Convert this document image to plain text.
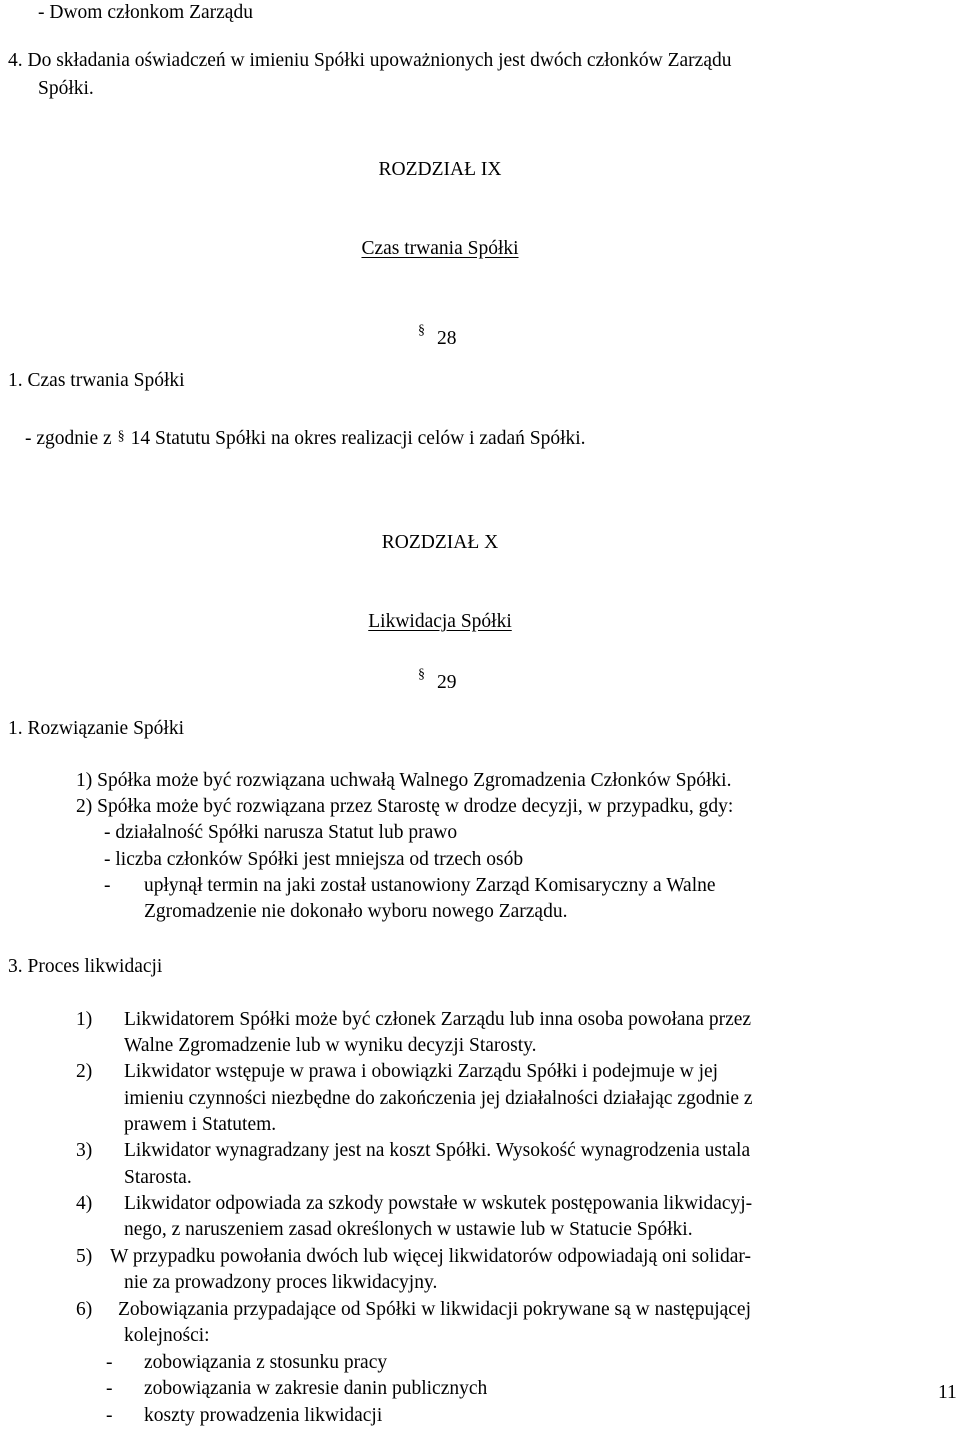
- Dwom członkom Zarządu
4. Do składania oświadczeń w imieniu Spółki upoważnionych jest dwóch członków Zarządu
Spółki.
ROZDZIAŁ IX
Czas trwania Spółki
§ 28
1. Czas trwania Spółki
- zgodnie z § 14 Statutu Spółki na okres realizacji celów i zadań Spółki.
ROZDZIAŁ X
Likwidacja Spółki
§ 29
1. Rozwiązanie Spółki
1) Spółka może być rozwiązana uchwałą Walnego Zgromadzenia Członków Spółki.
2) Spółka może być rozwiązana przez Starostę w drodze decyzji, w przypadku, gdy:
- działalność Spółki narusza Statut lub prawo
- liczba członków Spółki jest mniejsza od trzech osób
- upłynął termin na jaki został ustanowiony Zarząd Komisaryczny a Walne
Zgromadzenie nie dokonało wyboru nowego Zarządu.
3. Proces likwidacji
1) Likwidatorem Spółki może być członek Zarządu lub inna osoba powołana przez
Walne Zgromadzenie lub w wyniku decyzji Starosty.
2) Likwidator wstępuje w prawa i obowiązki Zarządu Spółki i podejmuje w jej
imieniu czynności niezbędne do zakończenia jej działalności działając zgodnie z
prawem i Statutem.
3) Likwidator wynagradzany jest na koszt Spółki. Wysokość wynagrodzenia ustala
Starosta.
4) Likwidator odpowiada za szkody powstałe w wskutek postępowania likwidacyj-
nego, z naruszeniem zasad określonych w ustawie lub w Statucie Spółki.
5) W przypadku powołania dwóch lub więcej likwidatorów odpowiadają oni solidar-
nie za prowadzony proces likwidacyjny.
6) Zobowiązania przypadające od Spółki w likwidacji pokrywane są w następującej
kolejności:
- zobowiązania z stosunku pracy
- zobowiązania w zakresie danin publicznych
- koszty prowadzenia likwidacji
11
